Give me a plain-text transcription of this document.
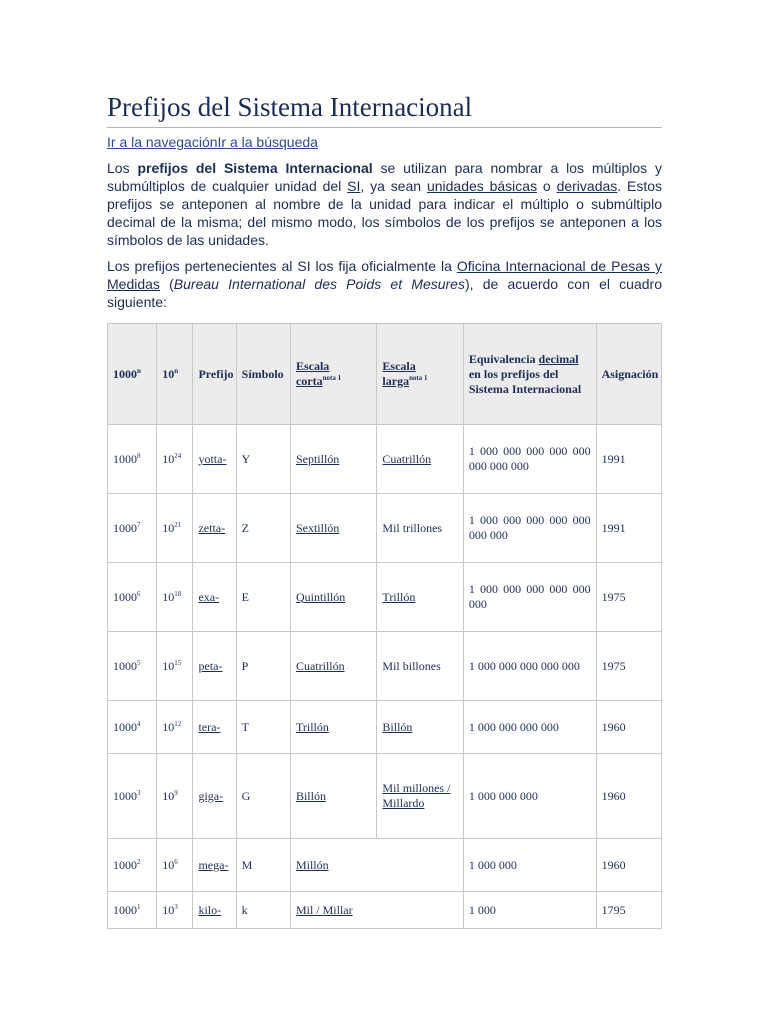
Prefijos del Sistema Internacional
Ir a la navegaciónIr a la búsqueda

Los prefijos del Sistema Internacional se utilizan para nombrar a los múltiplos y submúltiplos de cualquier unidad del SI, ya sean unidades básicas o derivadas. Estos prefijos se anteponen al nombre de la unidad para indicar el múltiplo o submúltiplo decimal de la misma; del mismo modo, los símbolos de los prefijos se anteponen a los símbolos de las unidades.

Los prefijos pertenecientes al SI los fija oficialmente la Oficina Internacional de Pesas y Medidas (Bureau International des Poids et Mesures), de acuerdo con el cuadro siguiente:

1000$^n$	10$^n$	Prefijo	Símbolo	Escala corta$^{nota 1}$	Escala larga$^{nota 1}$	Equivalencia decimal en los prefijos del Sistema Internacional	Asignación
1000$^8$	$10^{24}$	yotta-	Y	Septillón	Cuatrillón	1 000 000 000 000 000 000 000 000	1991
1000$^7$	$10^{21}$	zetta-	Z	Sextillón	Mil trillones	1 000 000 000 000 000 000 000	1991
1000$^6$	$10^{18}$	exa-	E	Quintillón	Trillón	1 000 000 000 000 000 000	1975
1000$^5$	$10^{15}$	peta-	P	Cuatrillón	Mil billones	1 000 000 000 000 000	1975
1000$^4$	$10^{12}$	tera-	T	Trillón	Billón	1 000 000 000 000	1960
1000$^3$	$10^9$	giga-	G	Billón	Mil millones / Millardo	1 000 000 000	1960
1000$^2$	$10^6$	mega-	M	Millón		1 000 000	1960
1000$^1$	$10^3$	kilo-	k	Mil / Millar		1 000	1795
